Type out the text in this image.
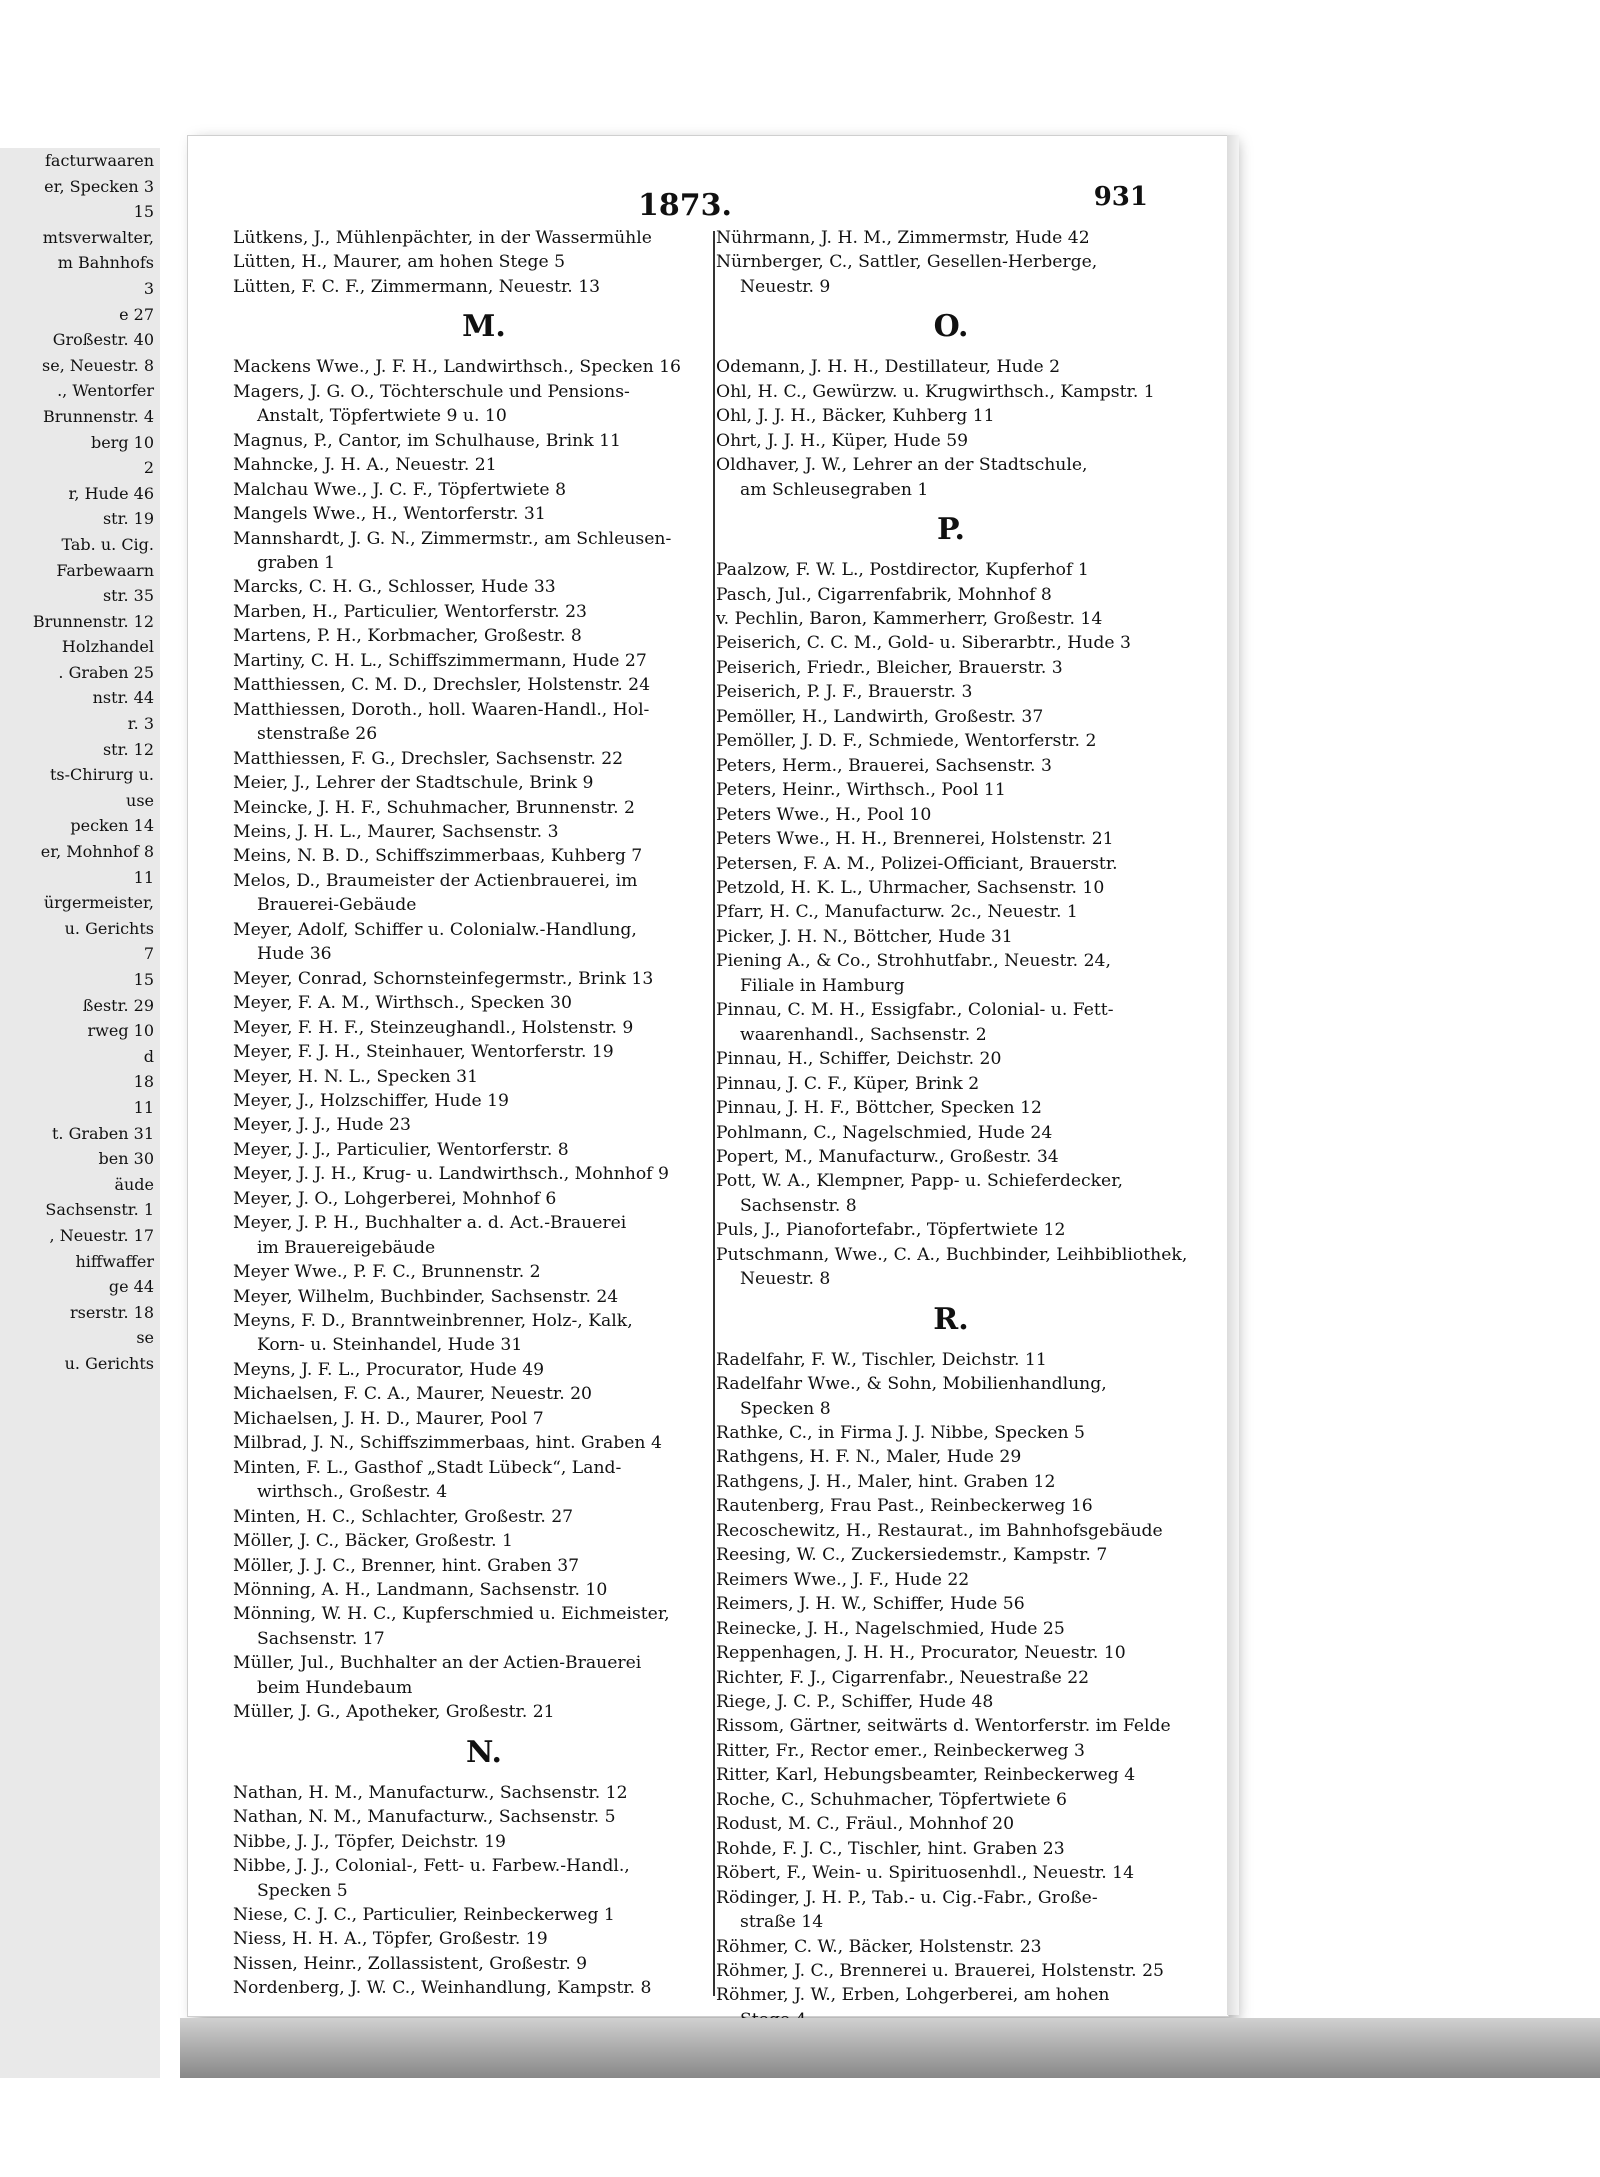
facturwaaren
er, Specken 3
15
mtsverwalter,
m Bahnhofs
3
e 27
Großestr. 40
se, Neuestr. 8
., Wentorfer
Brunnenstr. 4
berg 10
2
r, Hude 46
str. 19
Tab. u. Cig.
Farbewaarn
str. 35
Brunnenstr. 12
Holzhandel
. Graben 25
nstr. 44
r. 3
str. 12
ts-Chirurg u.
use
pecken 14
er, Mohnhof 8
11
ürgermeister,
u. Gerichts
7
15
ßestr. 29
rweg 10
d
18
11
t. Graben 31
ben 30
äude
Sachsenstr. 1
, Neuestr. 17
hiffwaffer
ge 44
rserstr. 18
se
u. Gerichts
1873.	931
Lütkens, J., Mühlenpächter, in der Wassermühle
Lütten, H., Maurer, am hohen Stege 5
Lütten, F. C. F., Zimmermann, Neuestr. 13
M.
Mackens Wwe., J. F. H., Landwirthsch., Specken 16
Magers, J. G. O., Töchterschule und Pensions-
Anstalt, Töpfertwiete 9 u. 10
Magnus, P., Cantor, im Schulhause, Brink 11
Mahncke, J. H. A., Neuestr. 21
Malchau Wwe., J. C. F., Töpfertwiete 8
Mangels Wwe., H., Wentorferstr. 31
Mannshardt, J. G. N., Zimmermstr., am Schleusen-
graben 1
Marcks, C. H. G., Schlosser, Hude 33
Marben, H., Particulier, Wentorferstr. 23
Martens, P. H., Korbmacher, Großestr. 8
Martiny, C. H. L., Schiffszimmermann, Hude 27
Matthiessen, C. M. D., Drechsler, Holstenstr. 24
Matthiessen, Doroth., holl. Waaren-Handl., Hol-
stenstraße 26
Matthiessen, F. G., Drechsler, Sachsenstr. 22
Meier, J., Lehrer der Stadtschule, Brink 9
Meincke, J. H. F., Schuhmacher, Brunnenstr. 2
Meins, J. H. L., Maurer, Sachsenstr. 3
Meins, N. B. D., Schiffszimmerbaas, Kuhberg 7
Melos, D., Braumeister der Actienbrauerei, im
Brauerei-Gebäude
Meyer, Adolf, Schiffer u. Colonialw.-Handlung,
Hude 36
Meyer, Conrad, Schornsteinfegermstr., Brink 13
Meyer, F. A. M., Wirthsch., Specken 30
Meyer, F. H. F., Steinzeughandl., Holstenstr. 9
Meyer, F. J. H., Steinhauer, Wentorferstr. 19
Meyer, H. N. L., Specken 31
Meyer, J., Holzschiffer, Hude 19
Meyer, J. J., Hude 23
Meyer, J. J., Particulier, Wentorferstr. 8
Meyer, J. J. H., Krug- u. Landwirthsch., Mohnhof 9
Meyer, J. O., Lohgerberei, Mohnhof 6
Meyer, J. P. H., Buchhalter a. d. Act.-Brauerei
im Brauereigebäude
Meyer Wwe., P. F. C., Brunnenstr. 2
Meyer, Wilhelm, Buchbinder, Sachsenstr. 24
Meyns, F. D., Branntweinbrenner, Holz-, Kalk,
Korn- u. Steinhandel, Hude 31
Meyns, J. F. L., Procurator, Hude 49
Michaelsen, F. C. A., Maurer, Neuestr. 20
Michaelsen, J. H. D., Maurer, Pool 7
Milbrad, J. N., Schiffszimmerbaas, hint. Graben 4
Minten, F. L., Gasthof „Stadt Lübeck“, Land-
wirthsch., Großestr. 4
Minten, H. C., Schlachter, Großestr. 27
Möller, J. C., Bäcker, Großestr. 1
Möller, J. J. C., Brenner, hint. Graben 37
Mönning, A. H., Landmann, Sachsenstr. 10
Mönning, W. H. C., Kupferschmied u. Eichmeister,
Sachsenstr. 17
Müller, Jul., Buchhalter an der Actien-Brauerei
beim Hundebaum
Müller, J. G., Apotheker, Großestr. 21
N.
Nathan, H. M., Manufacturw., Sachsenstr. 12
Nathan, N. M., Manufacturw., Sachsenstr. 5
Nibbe, J. J., Töpfer, Deichstr. 19
Nibbe, J. J., Colonial-, Fett- u. Farbew.-Handl.,
Specken 5
Niese, C. J. C., Particulier, Reinbeckerweg 1
Niess, H. H. A., Töpfer, Großestr. 19
Nissen, Heinr., Zollassistent, Großestr. 9
Nordenberg, J. W. C., Weinhandlung, Kampstr. 8
Nührmann, J. H. M., Zimmermstr, Hude 42
Nürnberger, C., Sattler, Gesellen-Herberge,
Neuestr. 9
O.
Odemann, J. H. H., Destillateur, Hude 2
Ohl, H. C., Gewürzw. u. Krugwirthsch., Kampstr. 1
Ohl, J. J. H., Bäcker, Kuhberg 11
Ohrt, J. J. H., Küper, Hude 59
Oldhaver, J. W., Lehrer an der Stadtschule,
am Schleusegraben 1
P.
Paalzow, F. W. L., Postdirector, Kupferhof 1
Pasch, Jul., Cigarrenfabrik, Mohnhof 8
v. Pechlin, Baron, Kammerherr, Großestr. 14
Peiserich, C. C. M., Gold- u. Siberarbtr., Hude 3
Peiserich, Friedr., Bleicher, Brauerstr. 3
Peiserich, P. J. F., Brauerstr. 3
Pemöller, H., Landwirth, Großestr. 37
Pemöller, J. D. F., Schmiede, Wentorferstr. 2
Peters, Herm., Brauerei, Sachsenstr. 3
Peters, Heinr., Wirthsch., Pool 11
Peters Wwe., H., Pool 10
Peters Wwe., H. H., Brennerei, Holstenstr. 21
Petersen, F. A. M., Polizei-Officiant, Brauerstr.
Petzold, H. K. L., Uhrmacher, Sachsenstr. 10
Pfarr, H. C., Manufacturw. 2c., Neuestr. 1
Picker, J. H. N., Böttcher, Hude 31
Piening A., & Co., Strohhutfabr., Neuestr. 24,
Filiale in Hamburg
Pinnau, C. M. H., Essigfabr., Colonial- u. Fett-
waarenhandl., Sachsenstr. 2
Pinnau, H., Schiffer, Deichstr. 20
Pinnau, J. C. F., Küper, Brink 2
Pinnau, J. H. F., Böttcher, Specken 12
Pohlmann, C., Nagelschmied, Hude 24
Popert, M., Manufacturw., Großestr. 34
Pott, W. A., Klempner, Papp- u. Schieferdecker,
Sachsenstr. 8
Puls, J., Pianofortefabr., Töpfertwiete 12
Putschmann, Wwe., C. A., Buchbinder, Leihbibliothek,
Neuestr. 8
R.
Radelfahr, F. W., Tischler, Deichstr. 11
Radelfahr Wwe., & Sohn, Mobilienhandlung,
Specken 8
Rathke, C., in Firma J. J. Nibbe, Specken 5
Rathgens, H. F. N., Maler, Hude 29
Rathgens, J. H., Maler, hint. Graben 12
Rautenberg, Frau Past., Reinbeckerweg 16
Recoschewitz, H., Restaurat., im Bahnhofsgebäude
Reesing, W. C., Zuckersiedemstr., Kampstr. 7
Reimers Wwe., J. F., Hude 22
Reimers, J. H. W., Schiffer, Hude 56
Reinecke, J. H., Nagelschmied, Hude 25
Reppenhagen, J. H. H., Procurator, Neuestr. 10
Richter, F. J., Cigarrenfabr., Neuestraße 22
Riege, J. C. P., Schiffer, Hude 48
Rissom, Gärtner, seitwärts d. Wentorferstr. im Felde
Ritter, Fr., Rector emer., Reinbeckerweg 3
Ritter, Karl, Hebungsbeamter, Reinbeckerweg 4
Roche, C., Schuhmacher, Töpfertwiete 6
Rodust, M. C., Fräul., Mohnhof 20
Rohde, F. J. C., Tischler, hint. Graben 23
Röbert, F., Wein- u. Spirituosenhdl., Neuestr. 14
Rödinger, J. H. P., Tab.- u. Cig.-Fabr., Große-
straße 14
Röhmer, C. W., Bäcker, Holstenstr. 23
Röhmer, J. C., Brennerei u. Brauerei, Holstenstr. 25
Röhmer, J. W., Erben, Lohgerberei, am hohen
